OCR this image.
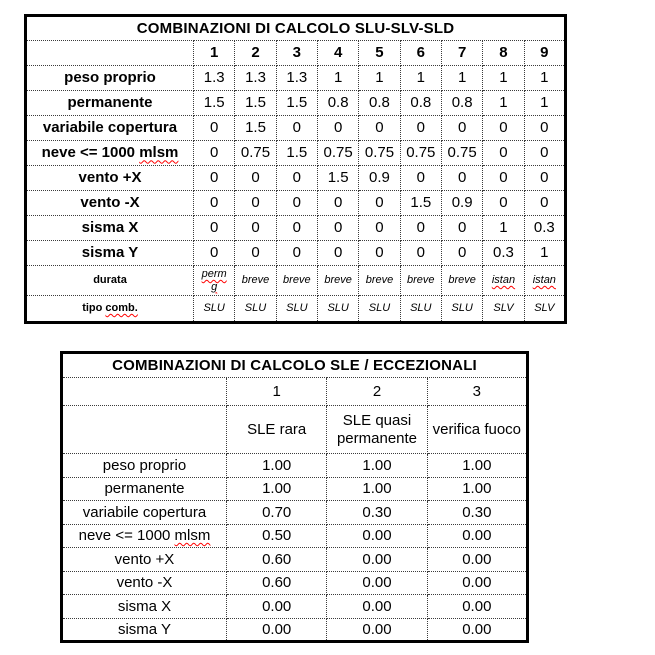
COMBINAZIONI DI CALCOLO SLU-SLV-SLD									
	1	2	3	4	5	6	7	8	9
peso proprio	1.3	1.3	1.3	1	1	1	1	1	1
permanente	1.5	1.5	1.5	0.8	0.8	0.8	0.8	1	1
variabile copertura	0	1.5	0	0	0	0	0	0	0
neve <= 1000 mlsm	0	0.75	1.5	0.75	0.75	0.75	0.75	0	0
vento +X	0	0	0	1.5	0.9	0	0	0	0
vento -X	0	0	0	0	0	1.5	0.9	0	0
sisma X	0	0	0	0	0	0	0	1	0.3
sisma Y	0	0	0	0	0	0	0	0.3	1
durata	perm g	breve	breve	breve	breve	breve	breve	istan	istan
tipo comb.	SLU	SLU	SLU	SLU	SLU	SLU	SLU	SLV	SLV
COMBINAZIONI DI CALCOLO SLE / ECCEZIONALI			
	1	2	3
	SLE rara	SLE quasi permanente	verifica fuoco
peso proprio	1.00	1.00	1.00
permanente	1.00	1.00	1.00
variabile copertura	0.70	0.30	0.30
neve <= 1000 mlsm	0.50	0.00	0.00
vento +X	0.60	0.00	0.00
vento -X	0.60	0.00	0.00
sisma X	0.00	0.00	0.00
sisma Y	0.00	0.00	0.00
